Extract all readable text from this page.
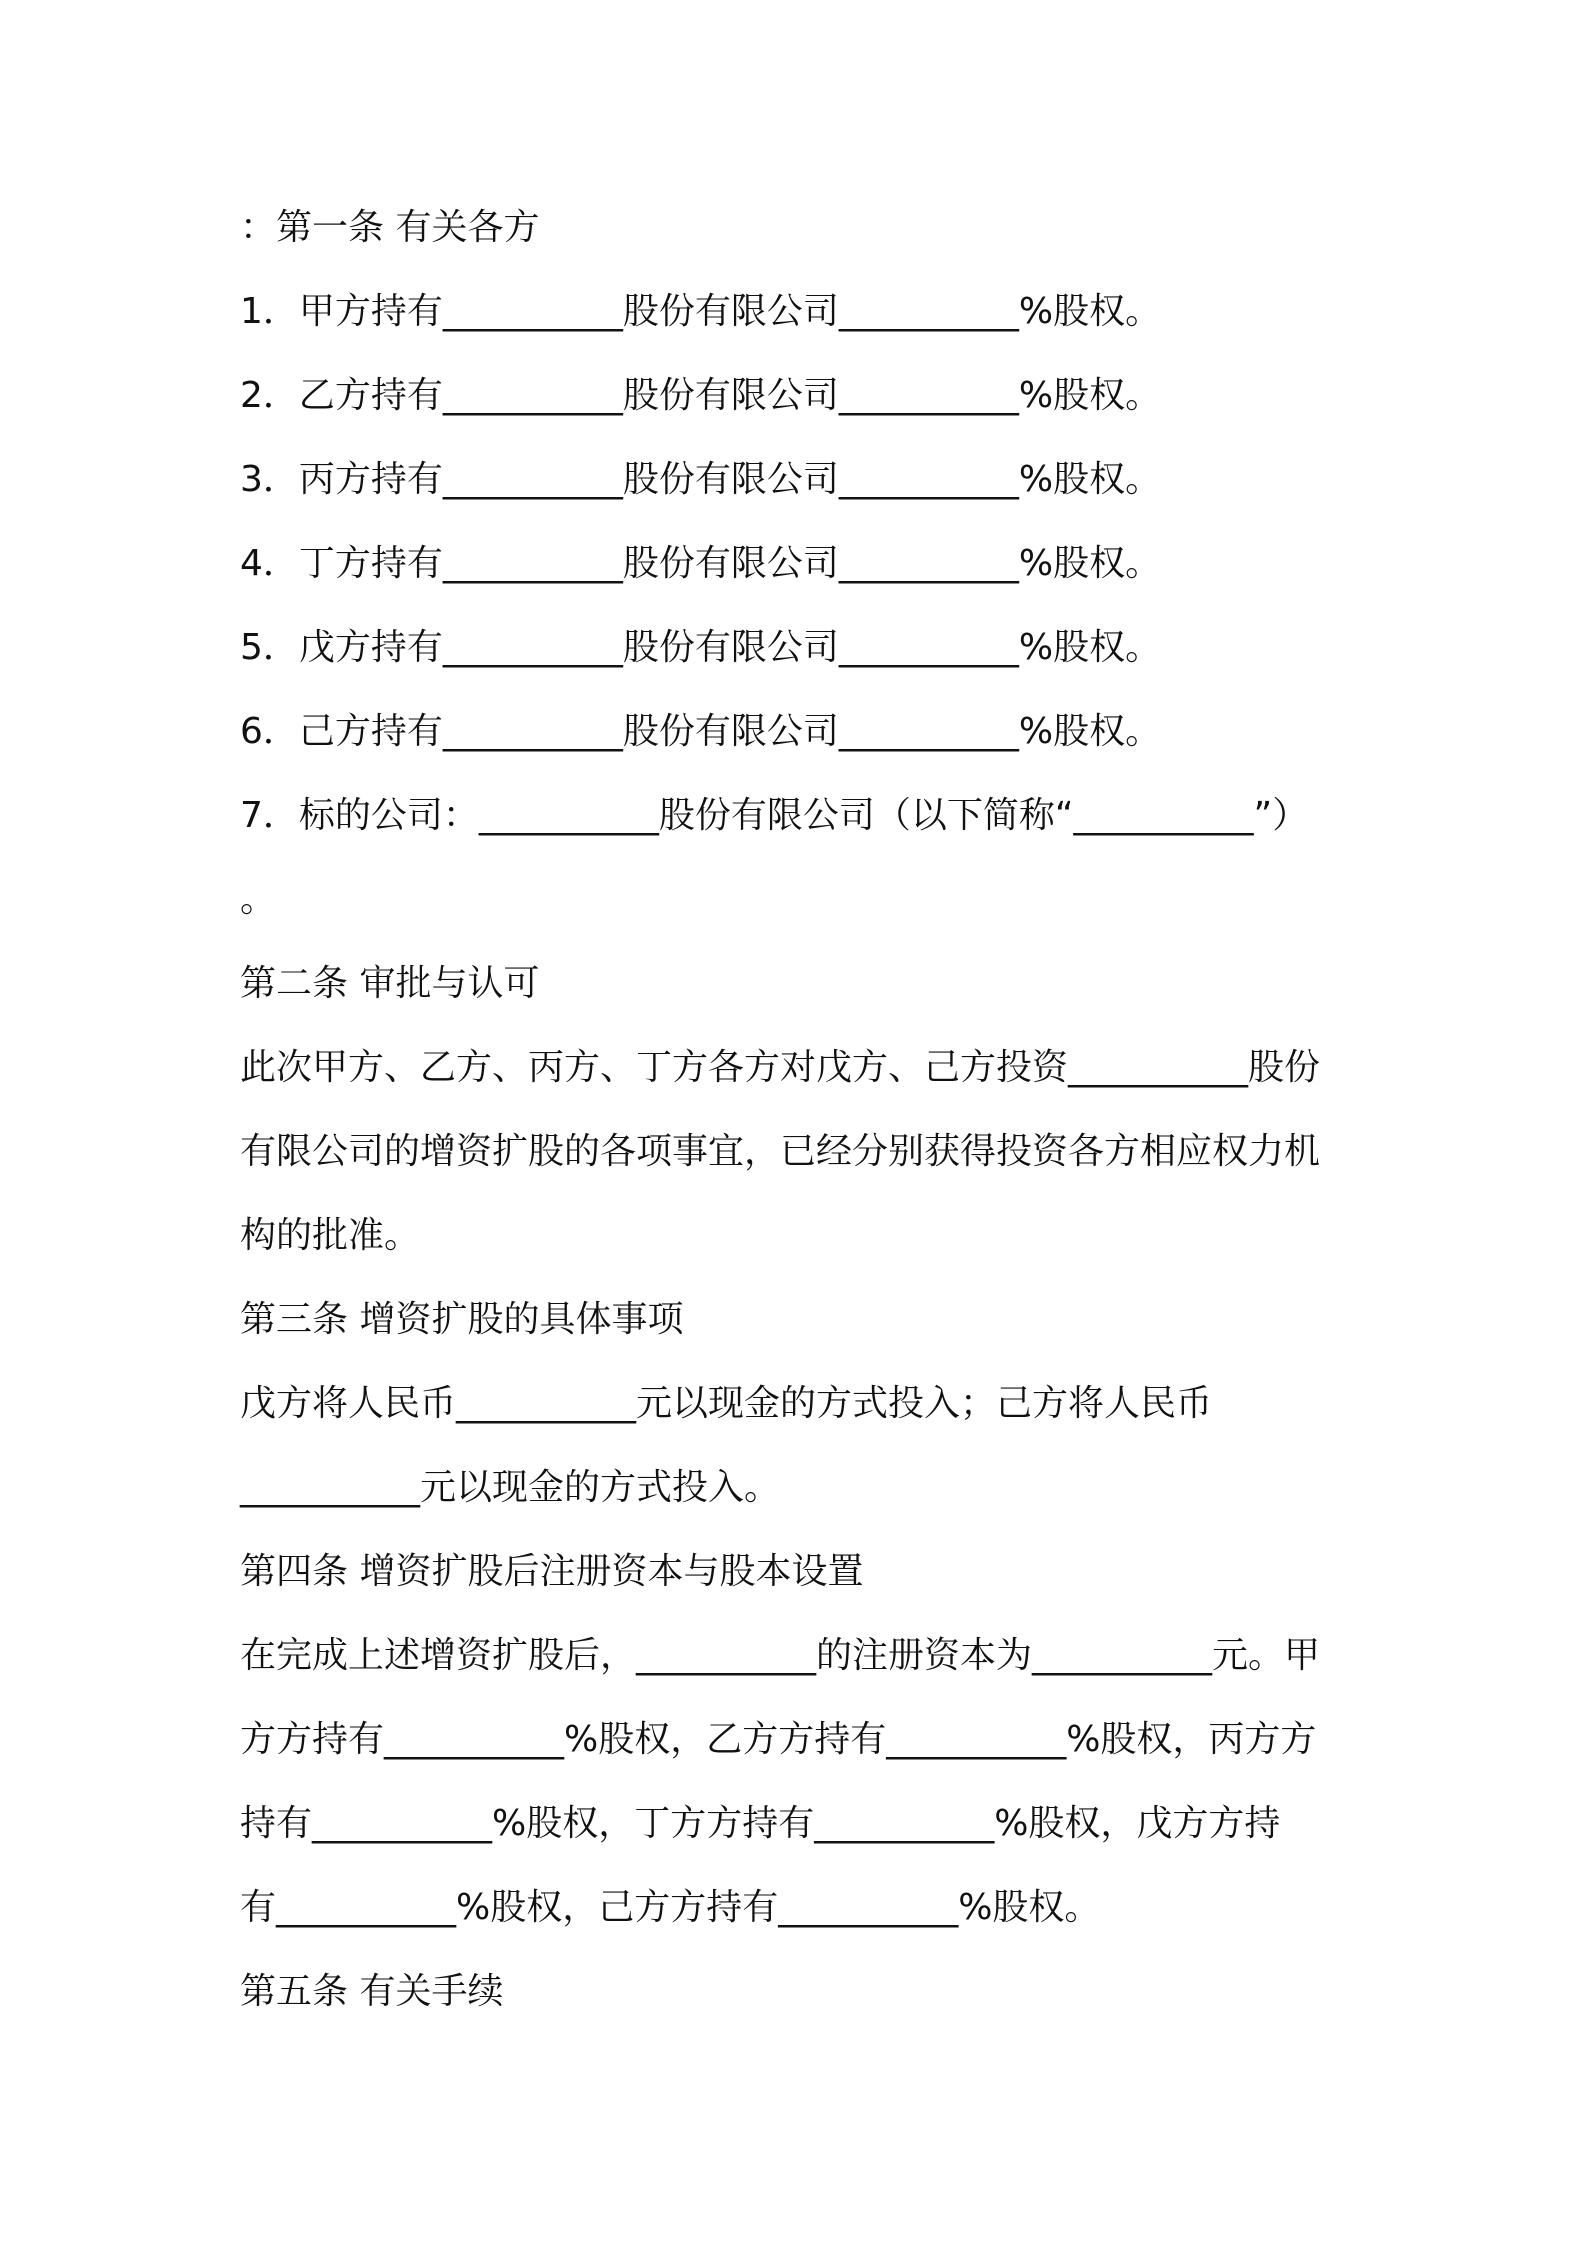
：第一条 有关各方
1．甲方持有__________股份有限公司__________%股权。
2．乙方持有__________股份有限公司__________%股权。
3．丙方持有__________股份有限公司__________%股权。
4．丁方持有__________股份有限公司__________%股权。
5．戊方持有__________股份有限公司__________%股权。
6．己方持有__________股份有限公司__________%股权。
7．标的公司：__________股份有限公司（以下简称“__________”）
。
第二条 审批与认可
此次甲方、乙方、丙方、丁方各方对戊方、己方投资__________股份
有限公司的增资扩股的各项事宜，已经分别获得投资各方相应权力机
构的批准。
第三条 增资扩股的具体事项
戊方将人民币__________元以现金的方式投入；己方将人民币
__________元以现金的方式投入。
第四条 增资扩股后注册资本与股本设置
在完成上述增资扩股后，__________的注册资本为__________元。甲
方方持有__________%股权，乙方方持有__________%股权，丙方方
持有__________%股权，丁方方持有__________%股权，戊方方持
有__________%股权，己方方持有__________%股权。
第五条 有关手续
